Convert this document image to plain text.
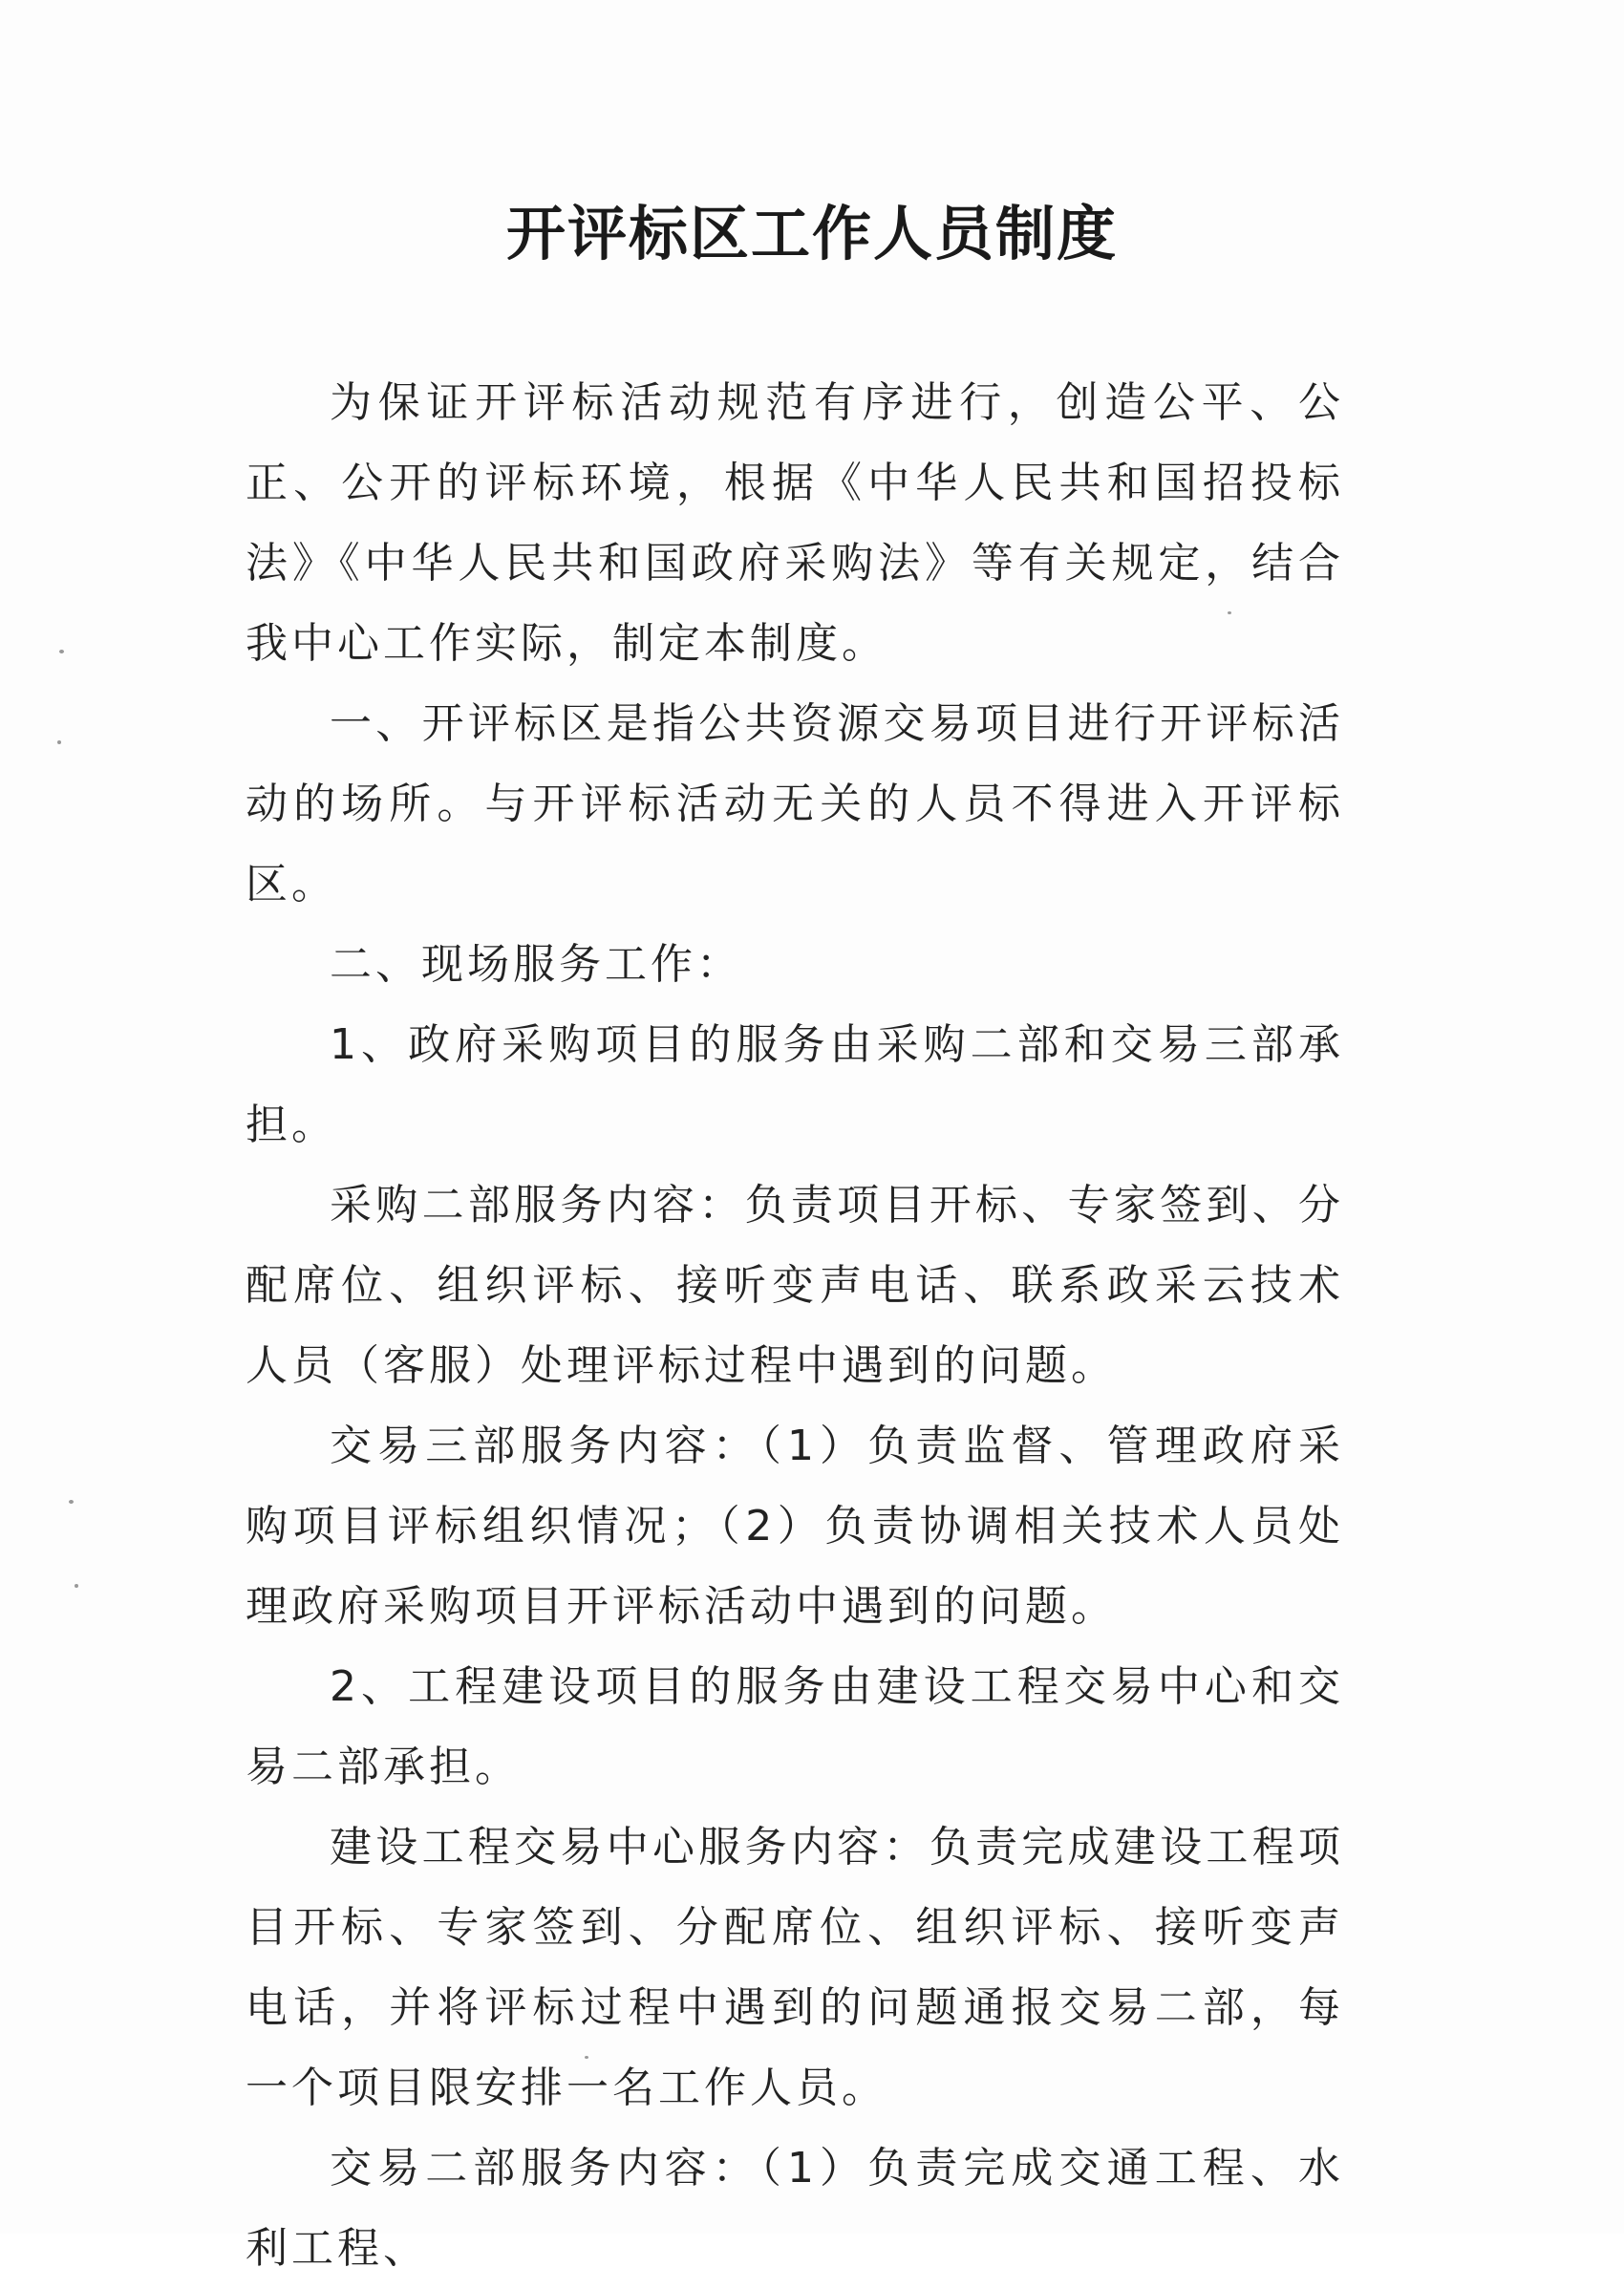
开评标区工作人员制度

为保证开评标活动规范有序进行，创造公平、公正、公开的评标环境，根据《中华人民共和国招投标法》《中华人民共和国政府采购法》等有关规定，结合我中心工作实际，制定本制度。

一、开评标区是指公共资源交易项目进行开评标活动的场所。与开评标活动无关的人员不得进入开评标区。

二、现场服务工作：

1、政府采购项目的服务由采购二部和交易三部承担。

采购二部服务内容：负责项目开标、专家签到、分配席位、组织评标、接听变声电话、联系政采云技术人员（客服）处理评标过程中遇到的问题。

交易三部服务内容：（1）负责监督、管理政府采购项目评标组织情况；（2）负责协调相关技术人员处理政府采购项目开评标活动中遇到的问题。

2、工程建设项目的服务由建设工程交易中心和交易二部承担。

建设工程交易中心服务内容：负责完成建设工程项目开标、专家签到、分配席位、组织评标、接听变声电话，并将评标过程中遇到的问题通报交易二部，每一个项目限安排一名工作人员。

交易二部服务内容：（1）负责完成交通工程、水利工程、
